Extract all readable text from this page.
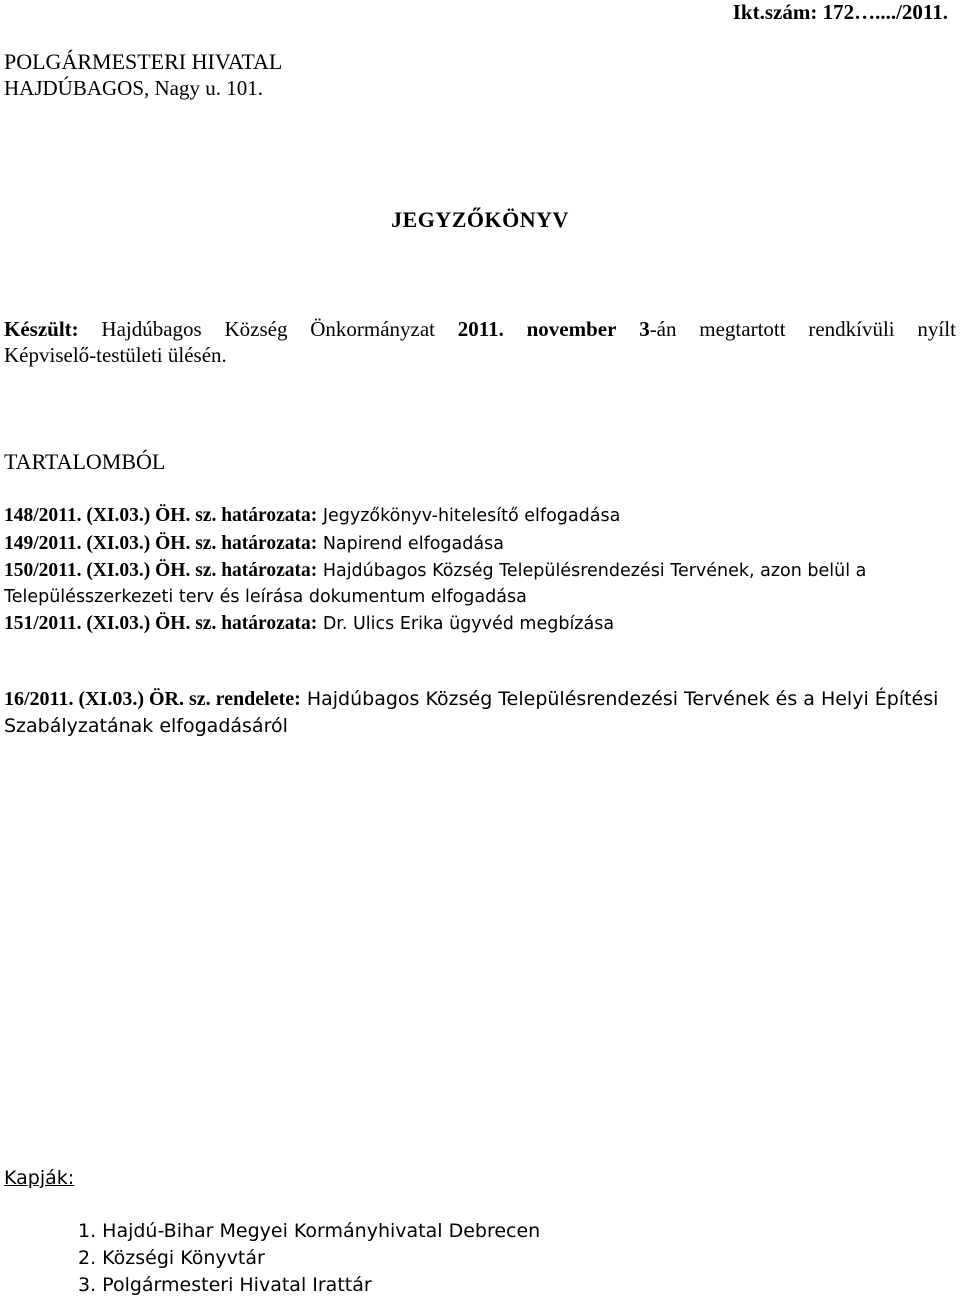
Ikt.szám: 172…..../2011.
POLGÁRMESTERI HIVATAL
HAJDÚBAGOS, Nagy u. 101.
JEGYZŐKÖNYV
Készült: Hajdúbagos Község Önkormányzat 2011. november 3-án megtartott rendkívüli nyílt
Képviselő-testületi ülésén.
TARTALOMBÓL
148/2011. (XI.03.) ÖH. sz. határozata: Jegyzőkönyv-hitelesítő elfogadása
149/2011. (XI.03.) ÖH. sz. határozata: Napirend elfogadása
150/2011. (XI.03.) ÖH. sz. határozata: Hajdúbagos Község Településrendezési Tervének, azon belül a Településszerkezeti terv és leírása dokumentum elfogadása
151/2011. (XI.03.) ÖH. sz. határozata: Dr. Ulics Erika ügyvéd megbízása
16/2011. (XI.03.) ÖR. sz. rendelete: Hajdúbagos Község Településrendezési Tervének és a Helyi Építési Szabályzatának elfogadásáról
Kapják:
1. Hajdú-Bihar Megyei Kormányhivatal Debrecen
2. Községi Könyvtár
3. Polgármesteri Hivatal Irattár
